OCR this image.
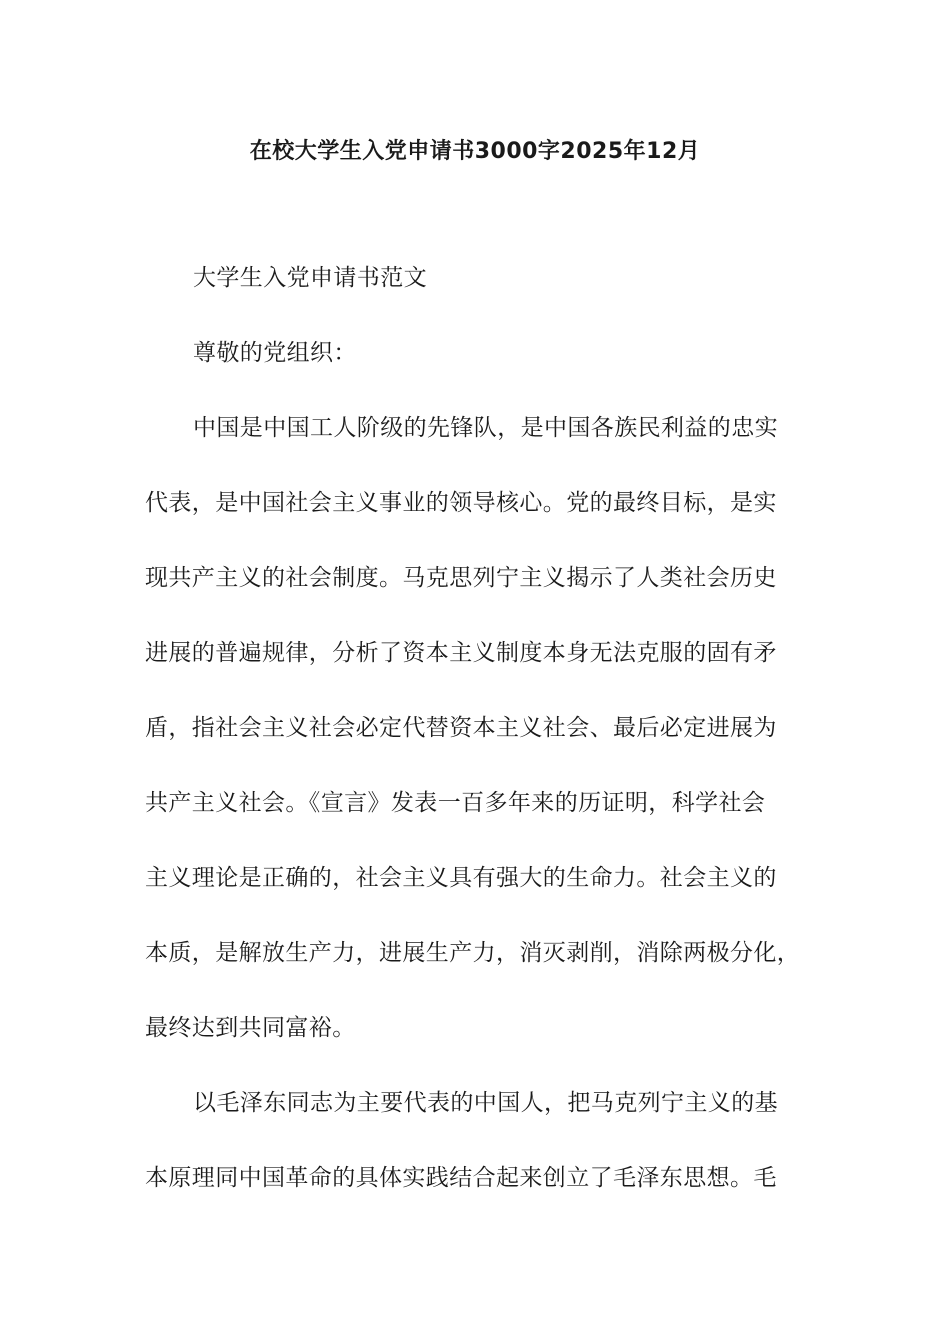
在校大学生入党申请书3000字2025年12月

大学生入党申请书范文

尊敬的党组织：

中国是中国工人阶级的先锋队，是中国各族民利益的忠实

代表，是中国社会主义事业的领导核心。党的最终目标，是实

现共产主义的社会制度。马克思列宁主义揭示了人类社会历史

进展的普遍规律，分析了资本主义制度本身无法克服的固有矛

盾，指社会主义社会必定代替资本主义社会、最后必定进展为

共产主义社会。《宣言》发表一百多年来的历证明，科学社会

主义理论是正确的，社会主义具有强大的生命力。社会主义的

本质，是解放生产力，进展生产力，消灭剥削，消除两极分化，

最终达到共同富裕。

以毛泽东同志为主要代表的中国人，把马克列宁主义的基

本原理同中国革命的具体实践结合起来创立了毛泽东思想。毛
